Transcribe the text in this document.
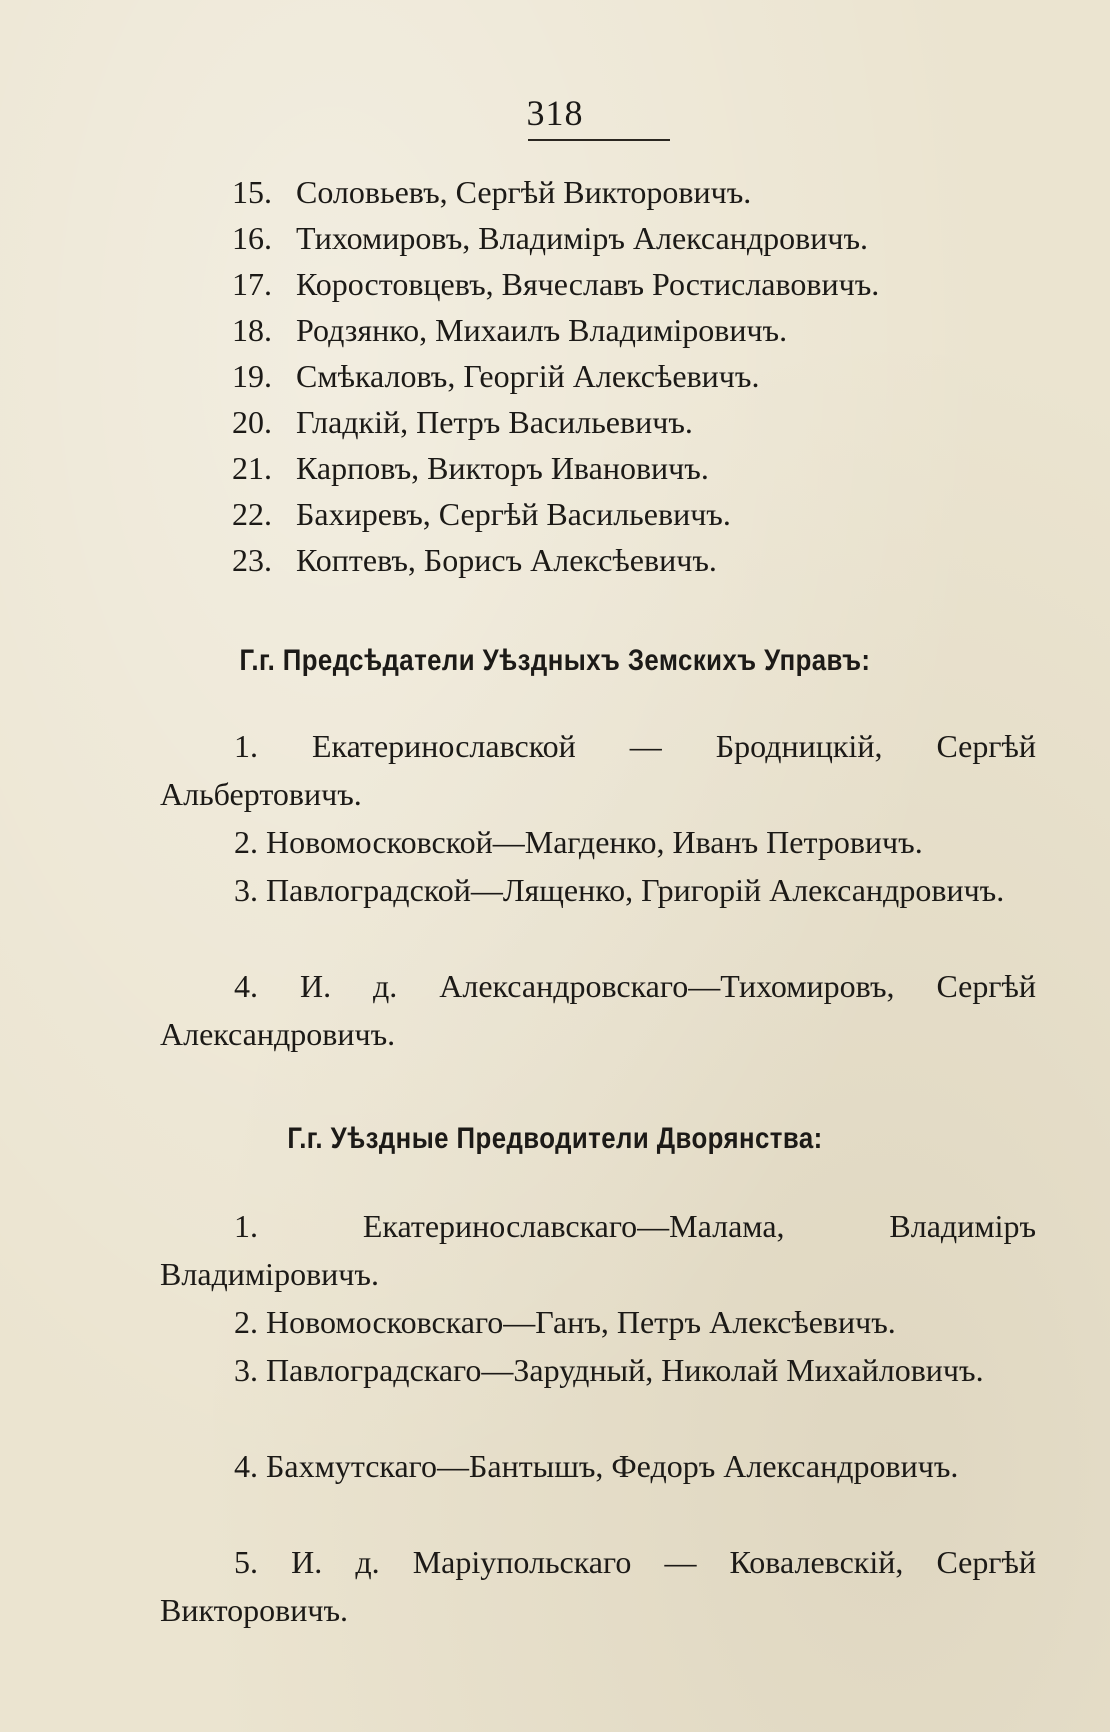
318
15. Соловьевъ, Сергѣй Викторовичъ.
16. Тихомировъ, Владиміръ Александровичъ.
17. Коростовцевъ, Вячеславъ Ростиславовичъ.
18. Родзянко, Михаилъ Владиміровичъ.
19. Смѣкаловъ, Георгій Алексѣевичъ.
20. Гладкій, Петръ Васильевичъ.
21. Карповъ, Викторъ Ивановичъ.
22. Бахиревъ, Сергѣй Васильевичъ.
23. Коптевъ, Борисъ Алексѣевичъ.
Г.г. Предсѣдатели Уѣздныхъ Земскихъ Управъ:
1. Екатеринославской — Бродницкій, Сергѣй Альбертовичъ.
2. Новомосковской—Магденко, Иванъ Петровичъ.
3. Павлоградской—Лященко, Григорій Александровичъ.
4. И. д. Александровскаго—Тихомировъ, Сергѣй Александровичъ.
Г.г. Уѣздные Предводители Дворянства:
1. Екатеринославскаго—Малама, Владиміръ Владиміровичъ.
2. Новомосковскаго—Ганъ, Петръ Алексѣевичъ.
3. Павлоградскаго—Зарудный, Николай Михайловичъ.
4. Бахмутскаго—Бантышъ, Федоръ Александровичъ.
5. И. д. Маріупольскаго — Ковалевскій, Сергѣй Викторовичъ.
